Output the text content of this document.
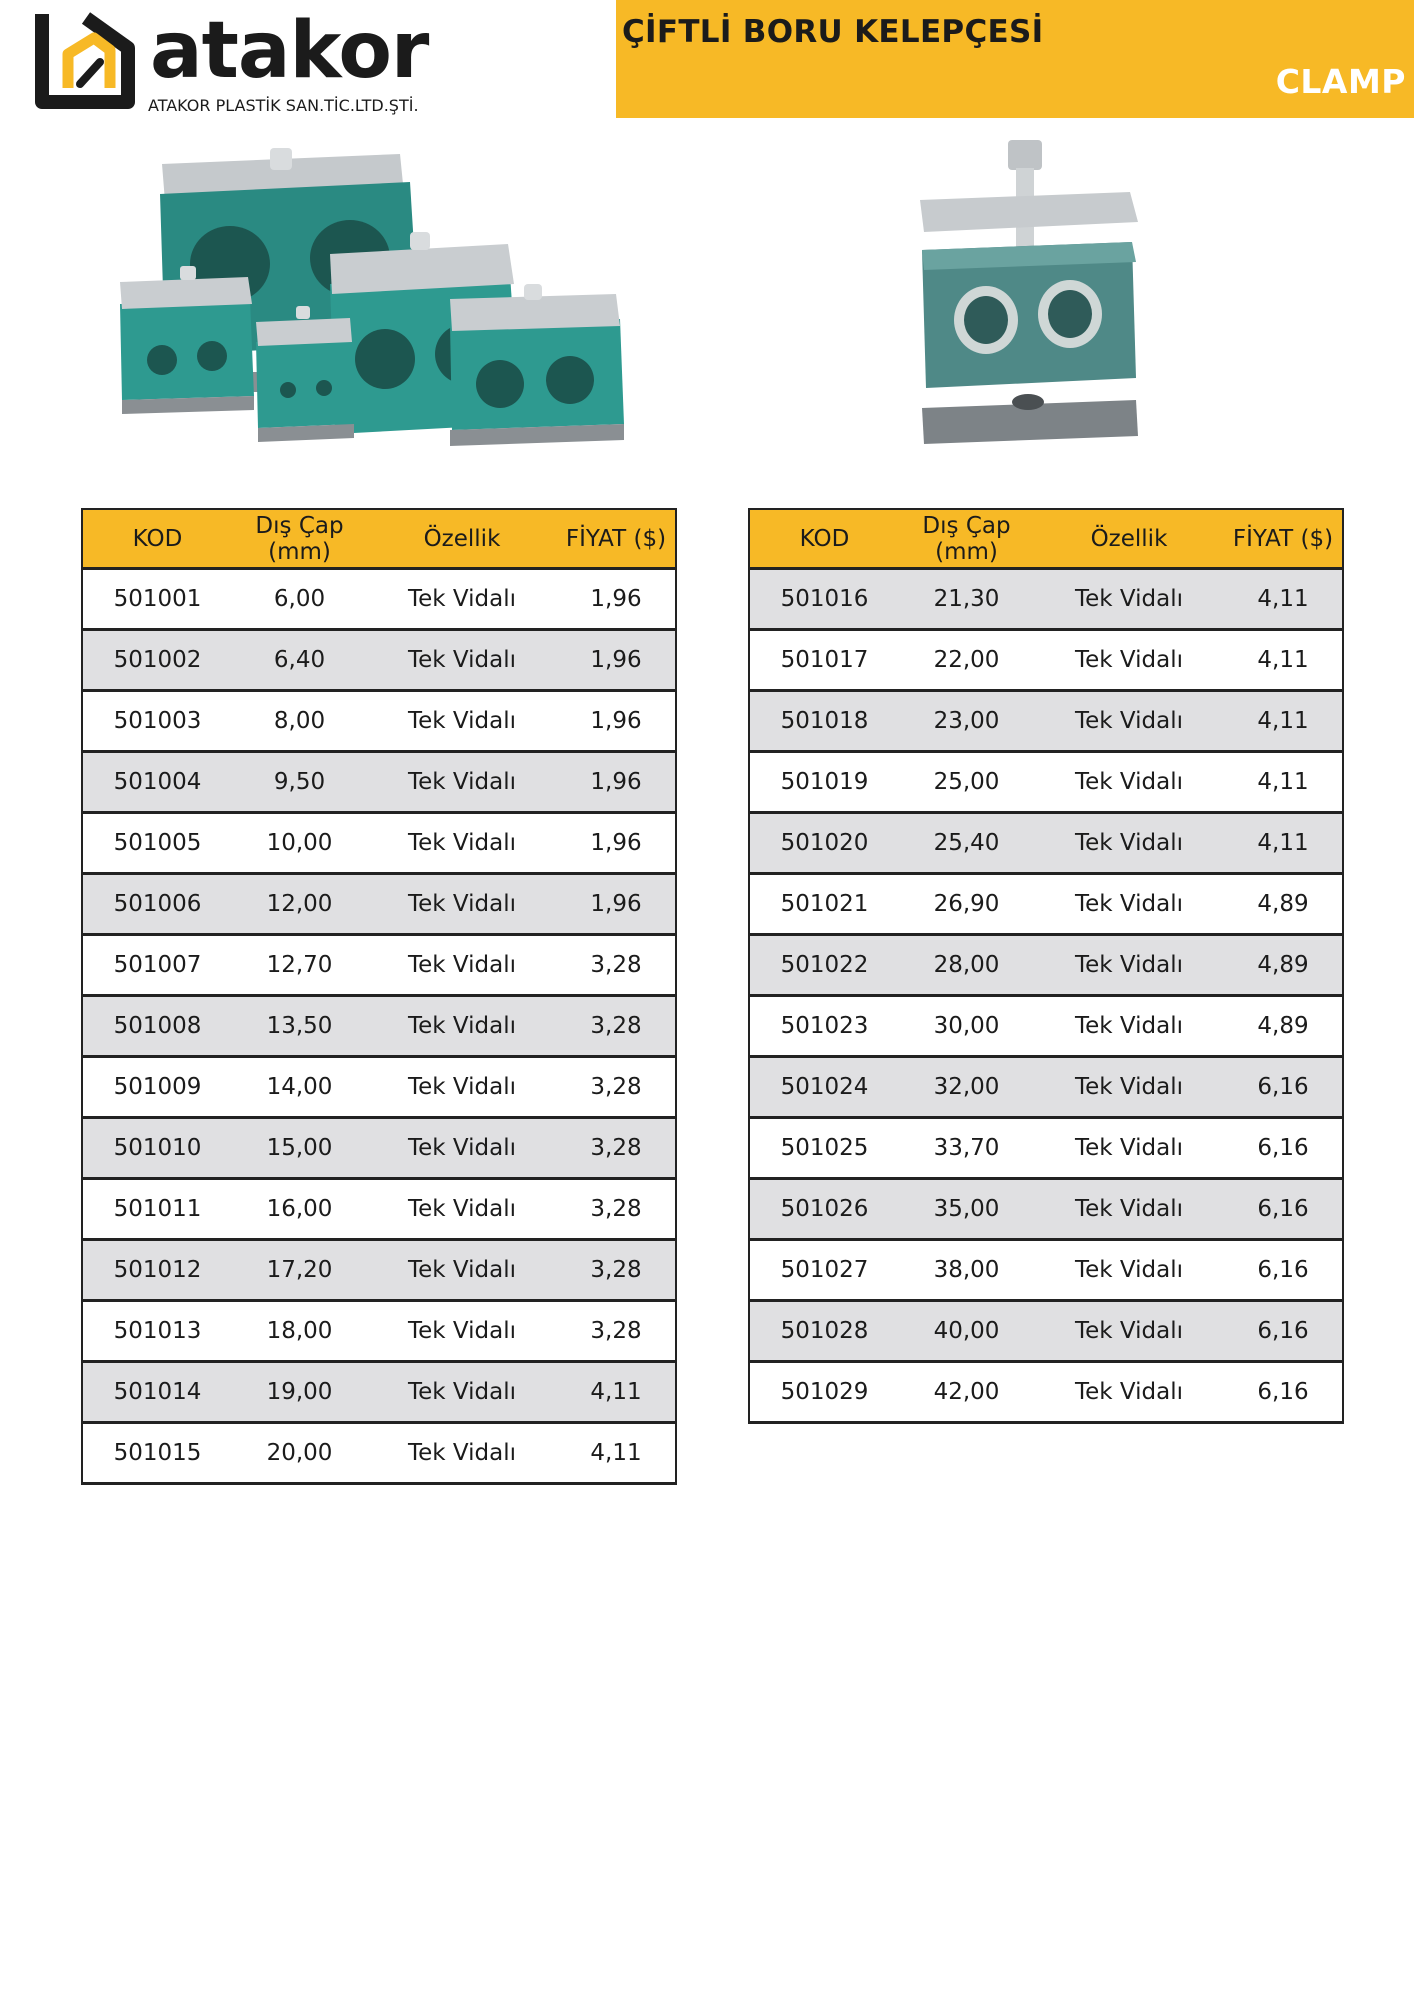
atakor
ATAKOR PLASTİK SAN.TİC.LTD.ŞTİ.
ÇİFTLİ BORU KELEPÇESİ
CLAMP
KOD	Dış Çap (mm)	Özellik	FİYAT ($)
501001	6,00	Tek Vidalı	1,96
501002	6,40	Tek Vidalı	1,96
501003	8,00	Tek Vidalı	1,96
501004	9,50	Tek Vidalı	1,96
501005	10,00	Tek Vidalı	1,96
501006	12,00	Tek Vidalı	1,96
501007	12,70	Tek Vidalı	3,28
501008	13,50	Tek Vidalı	3,28
501009	14,00	Tek Vidalı	3,28
501010	15,00	Tek Vidalı	3,28
501011	16,00	Tek Vidalı	3,28
501012	17,20	Tek Vidalı	3,28
501013	18,00	Tek Vidalı	3,28
501014	19,00	Tek Vidalı	4,11
501015	20,00	Tek Vidalı	4,11
KOD	Dış Çap (mm)	Özellik	FİYAT ($)
501016	21,30	Tek Vidalı	4,11
501017	22,00	Tek Vidalı	4,11
501018	23,00	Tek Vidalı	4,11
501019	25,00	Tek Vidalı	4,11
501020	25,40	Tek Vidalı	4,11
501021	26,90	Tek Vidalı	4,89
501022	28,00	Tek Vidalı	4,89
501023	30,00	Tek Vidalı	4,89
501024	32,00	Tek Vidalı	6,16
501025	33,70	Tek Vidalı	6,16
501026	35,00	Tek Vidalı	6,16
501027	38,00	Tek Vidalı	6,16
501028	40,00	Tek Vidalı	6,16
501029	42,00	Tek Vidalı	6,16
